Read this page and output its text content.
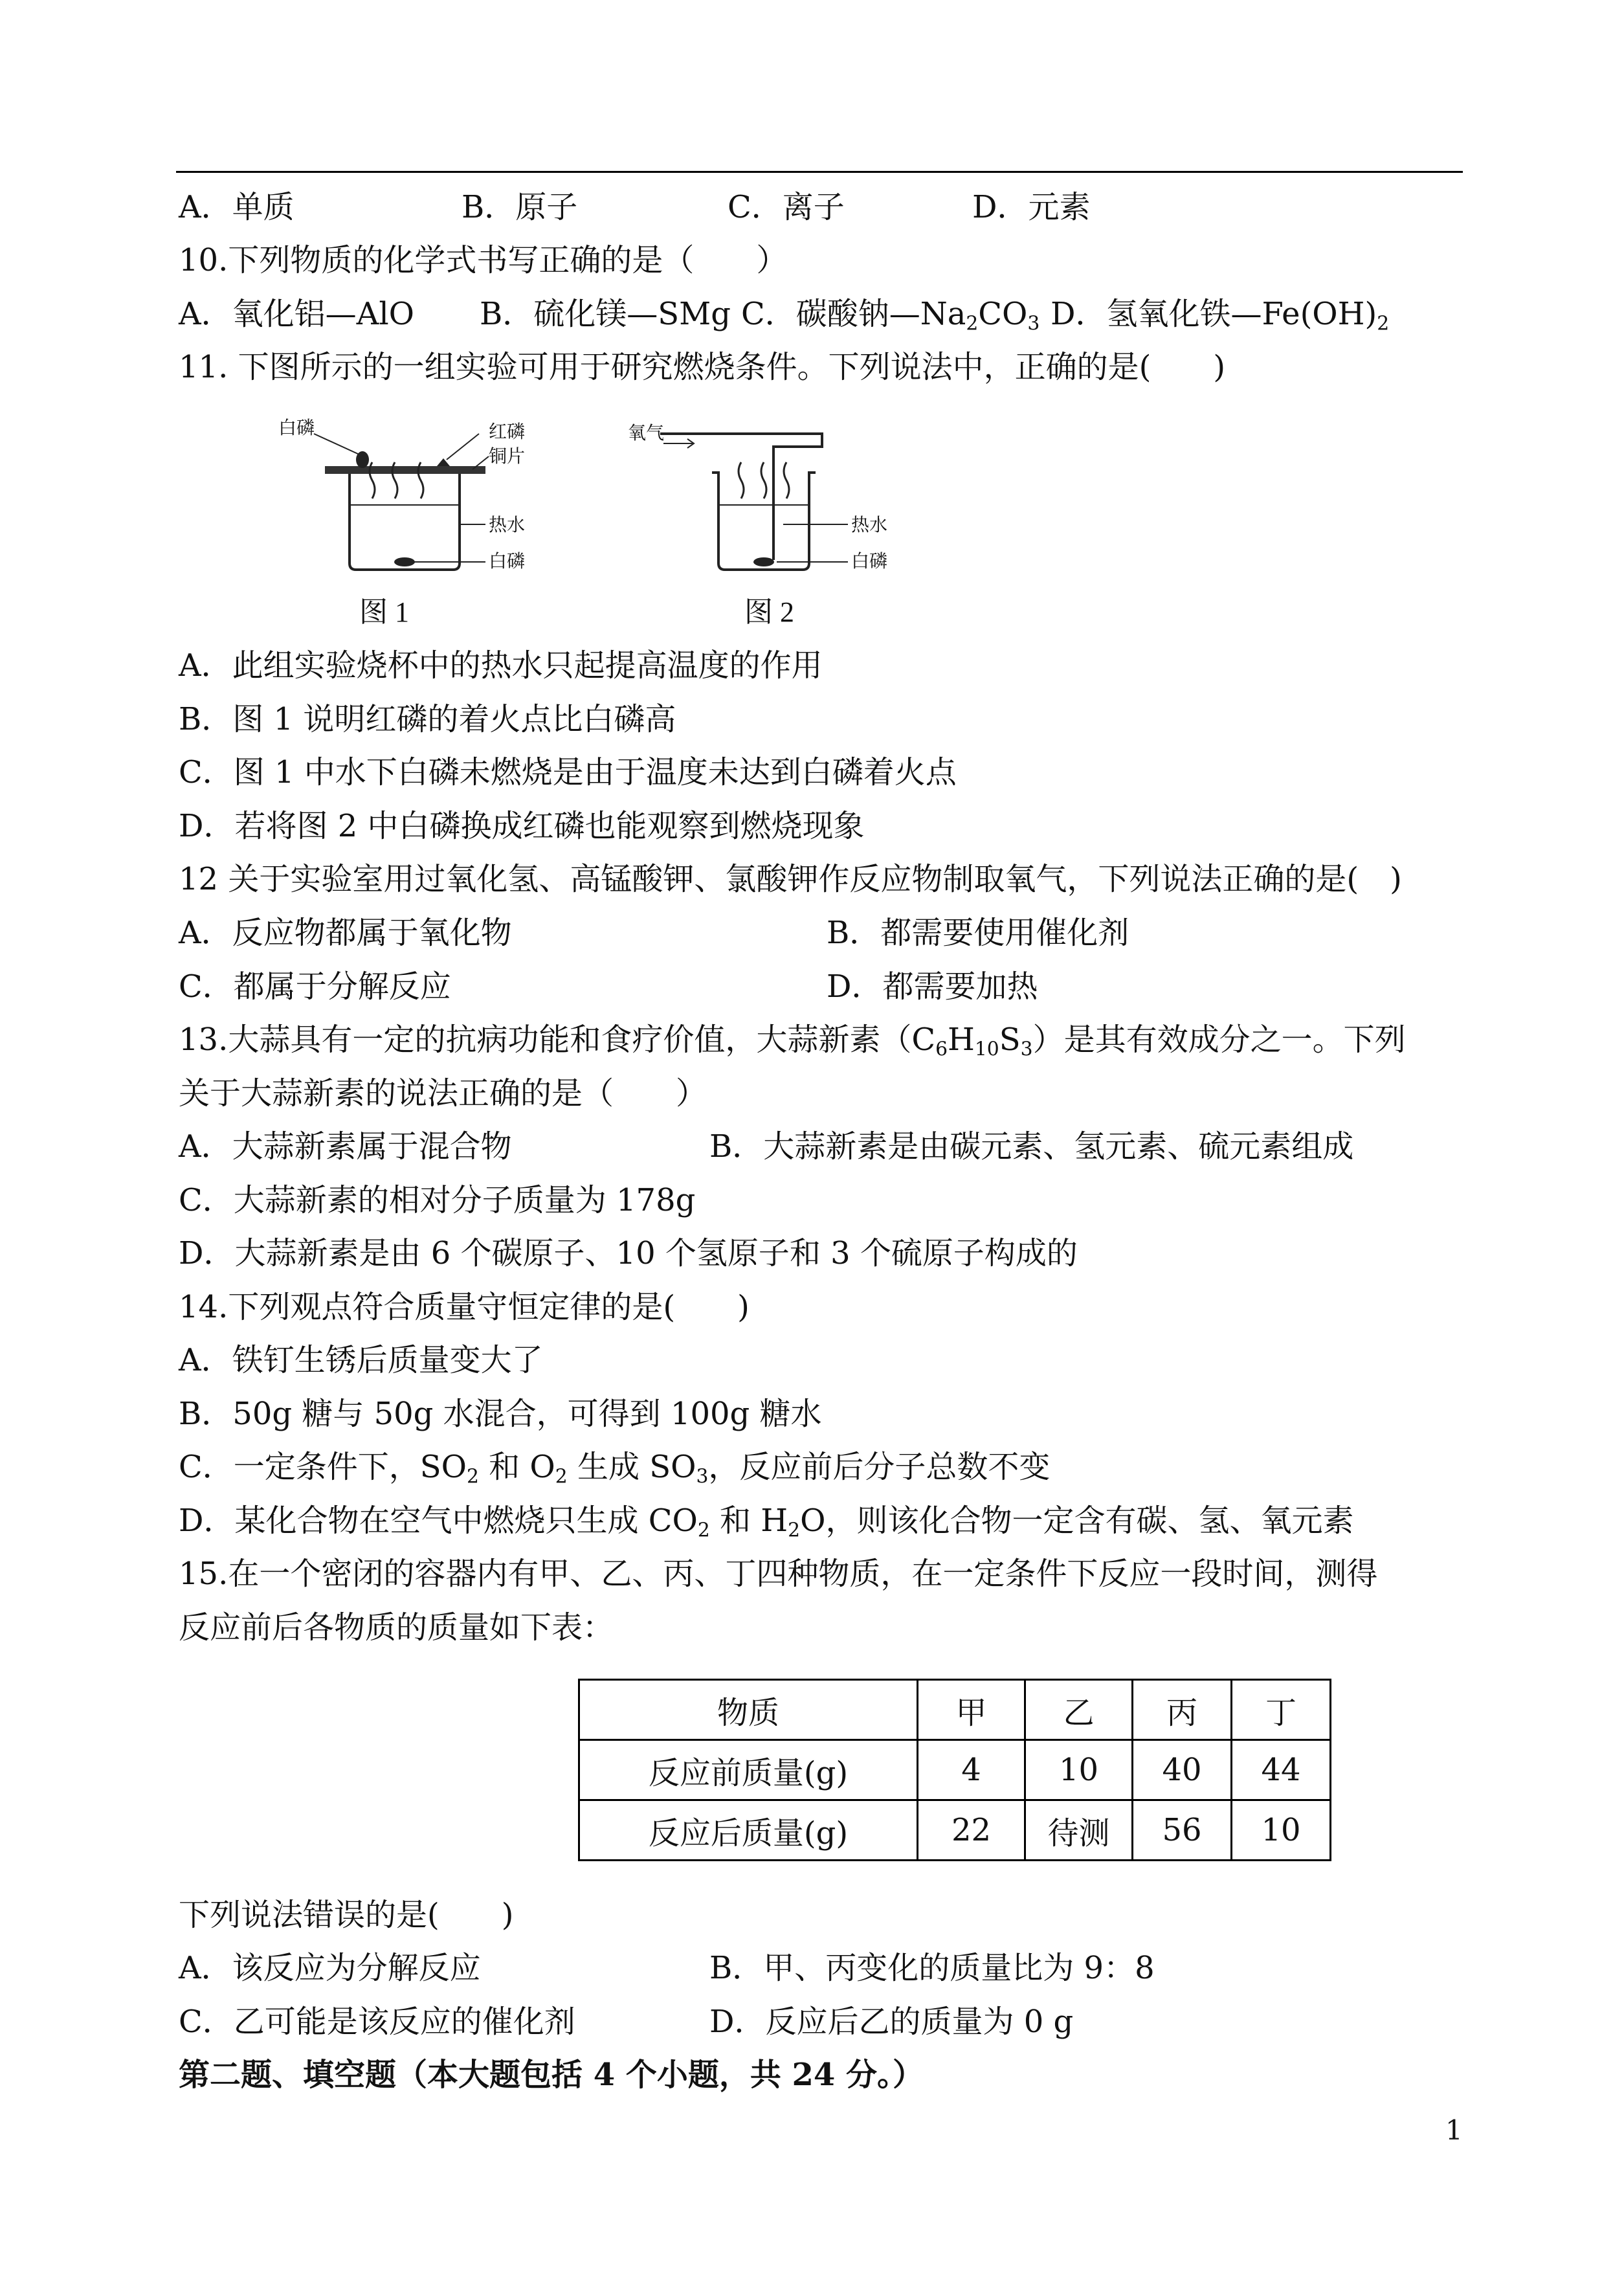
A．单质	B．原子	C．离子	D．元素
10.下列物质的化学式书写正确的是（　　）
A．氧化铝—AlO B．硫化镁—SMg C．碳酸钠$—Na_2CO_3$ D．氢氧化铁$—Fe(OH)_2$
11. 下图所示的一组实验可用于研究燃烧条件。下列说法中，正确的是(　　)
白磷	红磷
铜片
热水
白磷
图 1
氧气
热水
白磷
图 2
A．此组实验烧杯中的热水只起提高温度的作用
B．图 1 说明红磷的着火点比白磷高
C．图 1 中水下白磷未燃烧是由于温度未达到白磷着火点
D．若将图 2 中白磷换成红磷也能观察到燃烧现象
12 关于实验室用过氧化氢、高锰酸钾、氯酸钾作反应物制取氧气，下列说法正确的是(　)
A．反应物都属于氧化物	B．都需要使用催化剂
C．都属于分解反应	D．都需要加热
13.大蒜具有一定的抗病功能和食疗价值，大蒜新素$(C_6H_{10}S_3)$是其有效成分之一。下列
关于大蒜新素的说法正确的是（　　）
A．大蒜新素属于混合物	B．大蒜新素是由碳元素、氢元素、硫元素组成
C．大蒜新素的相对分子质量为 178g
D．大蒜新素是由 6 个碳原子、10 个氢原子和 3 个硫原子构成的
14.下列观点符合质量守恒定律的是(　　)
A．铁钉生锈后质量变大了
B．50g 糖与 50g 水混合，可得到 100g 糖水
C．一定条件下，$SO_2$ 和 $O_2$ 生成 $SO_3$，反应前后分子总数不变
D．某化合物在空气中燃烧只生成 $CO_2$ 和 $H_2O$，则该化合物一定含有碳、氢、氧元素
15.在一个密闭的容器内有甲、乙、丙、丁四种物质，在一定条件下反应一段时间，测得
反应前后各物质的质量如下表：
物质	甲	乙	丙	丁
反应前质量(g)	4	10	40	44
反应后质量(g)	22	待测	56	10
下列说法错误的是(　　)
A．该反应为分解反应	B．甲、丙变化的质量比为 9：8
C．乙可能是该反应的催化剂	D．反应后乙的质量为 0 g
第二题、填空题（本大题包括 4 个小题，共 24 分。）
1
